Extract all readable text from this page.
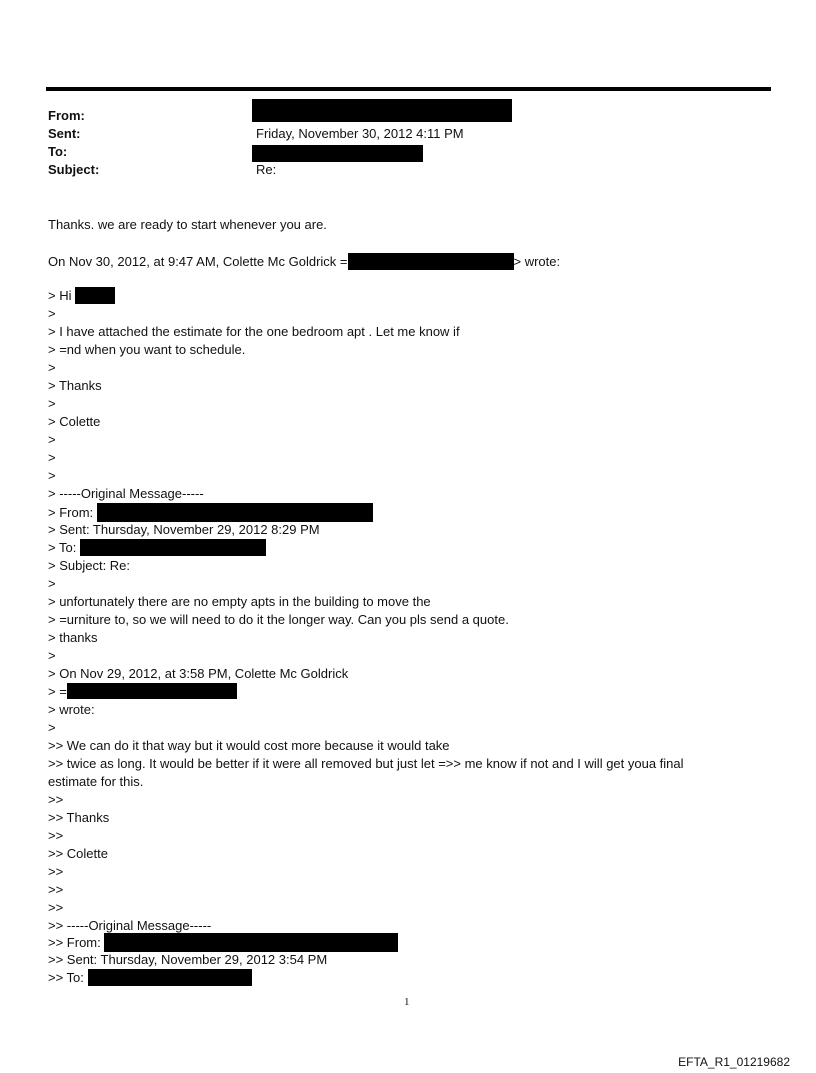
From:
Sent:	Friday, November 30, 2012 4:11 PM
To:
Subject:	Re:
Thanks. we are ready to start whenever you are.
On Nov 30, 2012, at 9:47 AM, Colette Mc Goldrick =	> wrote:
> Hi
>
> I have attached the estimate for the one bedroom apt . Let me know if
> =nd when you want to schedule.
>
> Thanks
>
> Colette
>
>
>
> -----Original Message-----
> From:
> Sent: Thursday, November 29, 2012 8:29 PM
> To:
> Subject: Re:
>
> unfortunately there are no empty apts in the building to move the
> =urniture to, so we will need to do it the longer way. Can you pls send a quote.
> thanks
>
> On Nov 29, 2012, at 3:58 PM, Colette Mc Goldrick
> =
> wrote:
>
>> We can do it that way but it would cost more because it would take
>> twice as long. It would be better if it were all removed but just let =>> me know if not and I will get youa final
estimate for this.
>>
>> Thanks
>>
>> Colette
>>
>>
>>
>> -----Original Message-----
>> From:
>> Sent: Thursday, November 29, 2012 3:54 PM
>> To:
1
EFTA_R1_01219682
